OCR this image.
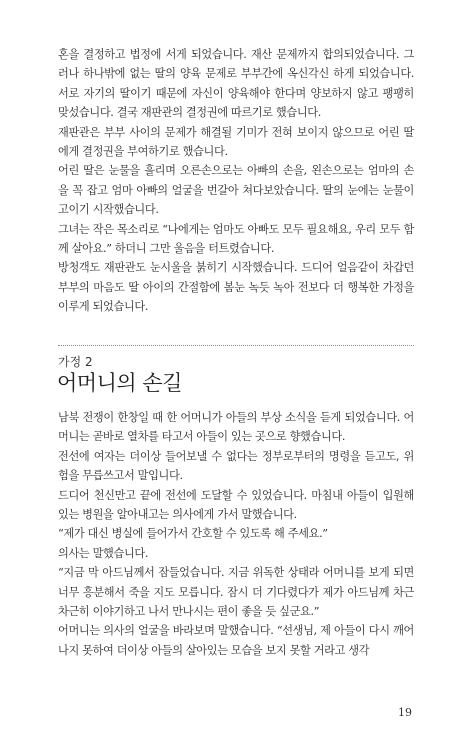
혼을 결정하고 법정에 서게 되었습니다. 재산 문제까지 합의되었습니다. 그러나 하나밖에 없는 딸의 양육 문제로 부부간에 옥신각신 하게 되었습니다. 서로 자기의 딸이기 때문에 자신이 양육해야 한다며 양보하지 않고 팽팽히 맞섰습니다. 결국 재판관의 결정권에 따르기로 했습니다.

재판관은 부부 사이의 문제가 해결될 기미가 전혀 보이지 않으므로 어린 딸에게 결정권을 부여하기로 했습니다.

어린 딸은 눈물을 흘리며 오른손으로는 아빠의 손을, 왼손으로는 엄마의 손을 꼭 잡고 엄마 아빠의 얼굴을 번갈아 쳐다보았습니다. 딸의 눈에는 눈물이 고이기 시작했습니다.

그녀는 작은 목소리로 “나에게는 엄마도 아빠도 모두 필요해요, 우리 모두 함께 살아요.” 하더니 그만 울음을 터트렸습니다.

방청객도 재판관도 눈시울을 붉히기 시작했습니다. 드디어 얼음같이 차갑던 부부의 마음도 딸 아이의 간절함에 봄눈 녹듯 녹아 전보다 더 행복한 가정을 이루게 되었습니다.

가정 2
어머니의 손길

남북 전쟁이 한창일 때 한 어머니가 아들의 부상 소식을 듣게 되었습니다. 어머니는 곧바로 열차를 타고서 아들이 있는 곳으로 향했습니다.

전선에 여자는 더이상 들어보낼 수 없다는 정부로부터의 명령을 듣고도, 위험을 무릅쓰고서 말입니다.

드디어 천신만고 끝에 전선에 도달할 수 있었습니다. 마침내 아들이 입원해 있는 병원을 알아내고는 의사에게 가서 말했습니다.

“제가 대신 병실에 들어가서 간호할 수 있도록 해 주세요.”

의사는 말했습니다.

“지금 막 아드님께서 잠들었습니다. 지금 위독한 상태라 어머니를 보게 되면 너무 흥분해서 죽을 지도 모릅니다. 잠시 더 기다렸다가 제가 아드님께 차근차근히 이야기하고 나서 만나시는 편이 좋을 듯 싶군요.”

어머니는 의사의 얼굴을 바라보며 말했습니다. “선생님, 제 아들이 다시 깨어나지 못하여 더이상 아들의 살아있는 모습을 보지 못할 거라고 생각

19
